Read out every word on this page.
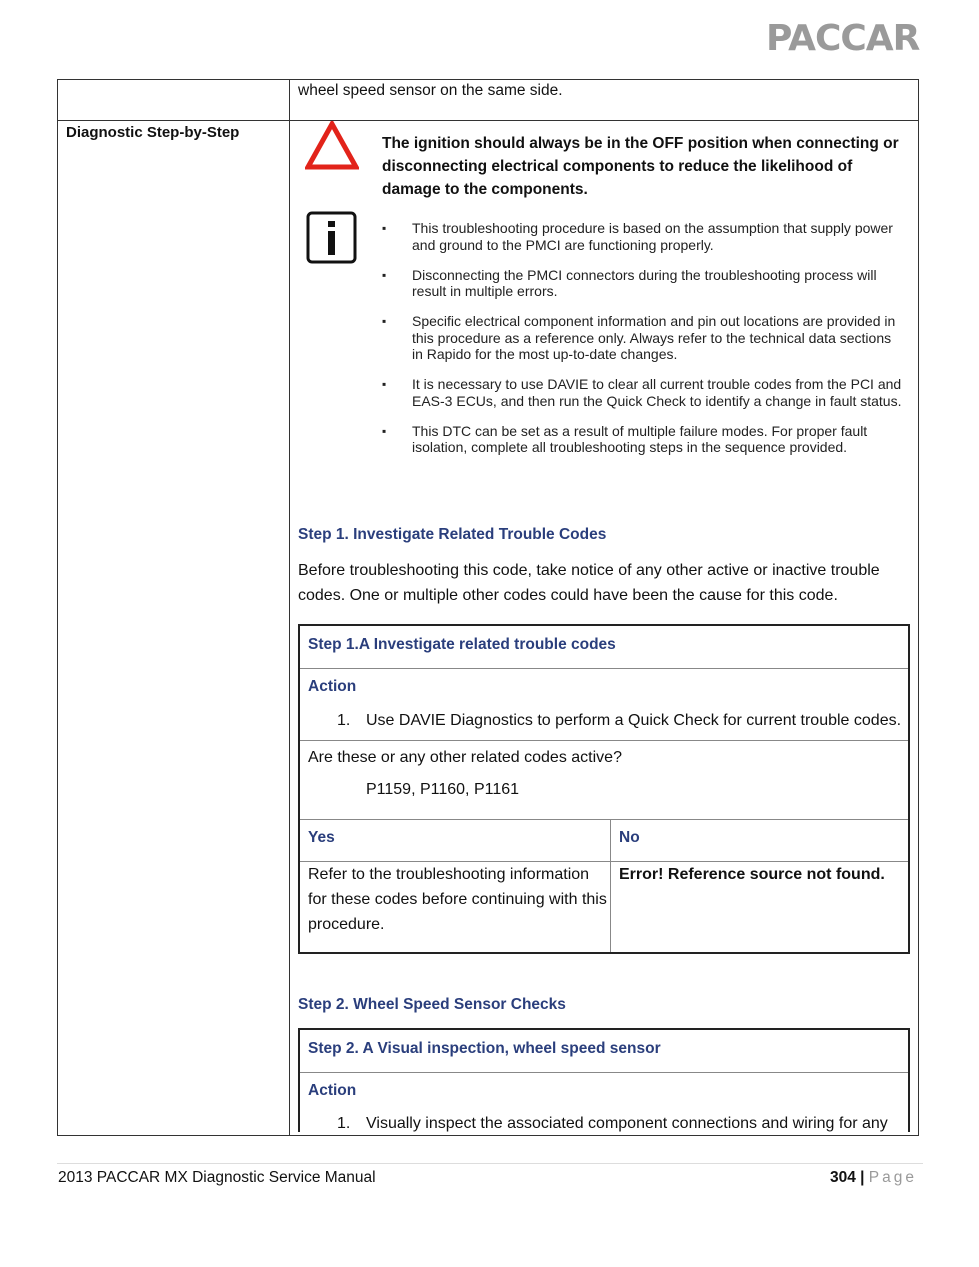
PACCAR
wheel speed sensor on the same side.
Diagnostic Step-by-Step
The ignition should always be in the OFF position when connecting or disconnecting electrical components to reduce the likelihood of damage to the components.
▪ This troubleshooting procedure is based on the assumption that supply power and ground to the PMCI are functioning properly.
▪ Disconnecting the PMCI connectors during the troubleshooting process will result in multiple errors.
▪ Specific electrical component information and pin out locations are provided in this procedure as a reference only. Always refer to the technical data sections in Rapido for the most up-to-date changes.
▪ It is necessary to use DAVIE to clear all current trouble codes from the PCI and EAS-3 ECUs, and then run the Quick Check to identify a change in fault status.
▪ This DTC can be set as a result of multiple failure modes. For proper fault isolation, complete all troubleshooting steps in the sequence provided.
Step 1. Investigate Related Trouble Codes
Before troubleshooting this code, take notice of any other active or inactive trouble codes. One or multiple other codes could have been the cause for this code.
Step 1.A Investigate related trouble codes
Action
1. Use DAVIE Diagnostics to perform a Quick Check for current trouble codes.
Are these or any other related codes active?
P1159, P1160, P1161
Yes	No
Refer to the troubleshooting information for these codes before continuing with this procedure.
Error! Reference source not found.
Step 2. Wheel Speed Sensor Checks
Step 2. A Visual inspection, wheel speed sensor
Action
1. Visually inspect the associated component connections and wiring for any
2013 PACCAR MX Diagnostic Service Manual	304 | Page
